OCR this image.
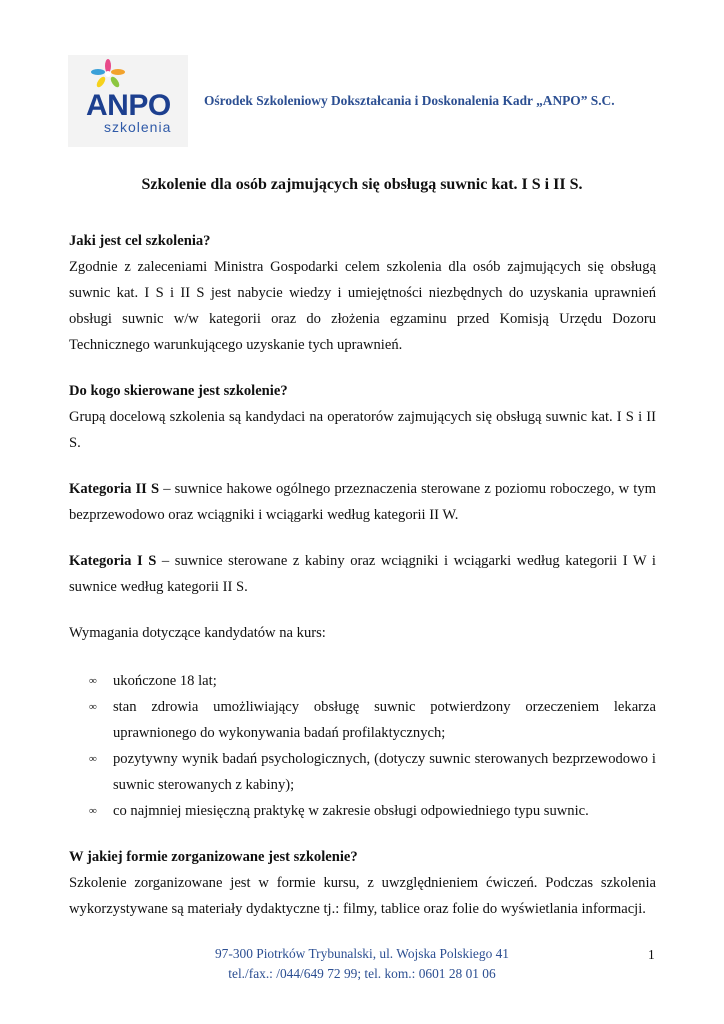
ANPO
szkolenia
Ośrodek Szkoleniowy Dokształcania i Doskonalenia Kadr „ANPO” S.C.
Szkolenie dla osób zajmujących się obsługą suwnic kat. I S i II S.

Jaki jest cel szkolenia?

Zgodnie z zaleceniami Ministra Gospodarki celem szkolenia dla osób zajmujących się obsługą suwnic kat. I S i II S jest nabycie wiedzy i umiejętności niezbędnych do uzyskania uprawnień obsługi suwnic w/w kategorii oraz do złożenia egzaminu przed Komisją Urzędu Dozoru Technicznego warunkującego uzyskanie tych uprawnień.

Do kogo skierowane jest szkolenie?

Grupą docelową szkolenia są kandydaci na operatorów zajmujących się obsługą suwnic kat. I S i II S.

Kategoria II S – suwnice hakowe ogólnego przeznaczenia sterowane z poziomu roboczego, w tym bezprzewodowo oraz wciągniki i wciągarki według kategorii II W.

Kategoria I S – suwnice sterowane z kabiny oraz wciągniki i wciągarki według kategorii I W i suwnice według kategorii II S.

Wymagania dotyczące kandydatów na kurs:

∞ ukończone 18 lat;
∞ stan zdrowia umożliwiający obsługę suwnic potwierdzony orzeczeniem lekarza uprawnionego do wykonywania badań profilaktycznych;
∞ pozytywny wynik badań psychologicznych, (dotyczy suwnic sterowanych bezprzewodowo i suwnic sterowanych z kabiny);
∞ co najmniej miesięczną praktykę w zakresie obsługi odpowiedniego typu suwnic.

W jakiej formie zorganizowane jest szkolenie?

Szkolenie zorganizowane jest w formie kursu, z uwzględnieniem ćwiczeń. Podczas szkolenia wykorzystywane są materiały dydaktyczne tj.: filmy, tablice oraz folie do wyświetlania informacji.

97-300 Piotrków Trybunalski, ul. Wojska Polskiego 41
tel./fax.: /044/649 72 99; tel. kom.: 0601 28 01 06
1
